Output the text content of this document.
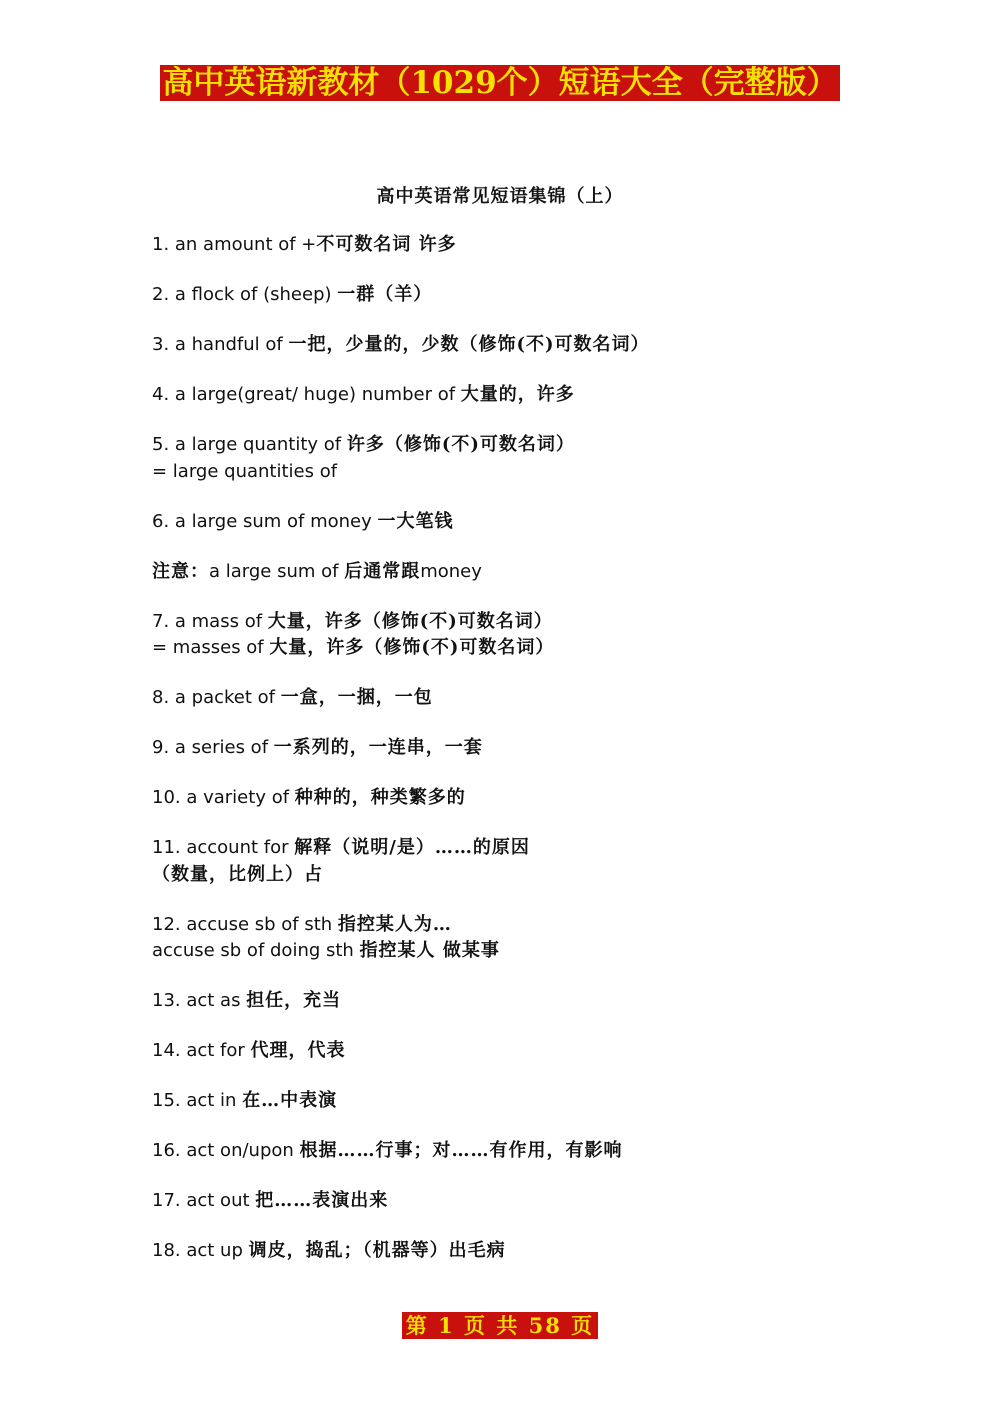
高中英语新教材（1029个）短语大全（完整版）
高中英语常见短语集锦（上）
1. an amount of +不可数名词 许多
2. a flock of (sheep) 一群（羊）
3. a handful of 一把，少量的，少数（修饰(不)可数名词）
4. a large(great/ huge) number of 大量的，许多
5. a large quantity of 许多（修饰(不)可数名词）
= large quantities of
6. a large sum of money 一大笔钱
注意：a large sum of 后通常跟money
7. a mass of 大量，许多（修饰(不)可数名词）
= masses of 大量，许多（修饰(不)可数名词）
8. a packet of 一盒，一捆，一包
9. a series of 一系列的，一连串，一套
10. a variety of 种种的，种类繁多的
11. account for 解释（说明/是）……的原因
（数量，比例上）占
12. accuse sb of sth 指控某人为…
accuse sb of doing sth 指控某人 做某事
13. act as 担任，充当
14. act for 代理，代表
15. act in 在…中表演
16. act on/upon 根据……行事；对……有作用，有影响
17. act out 把……表演出来
18. act up 调皮，捣乱；（机器等）出毛病
第 1 页 共 58 页
